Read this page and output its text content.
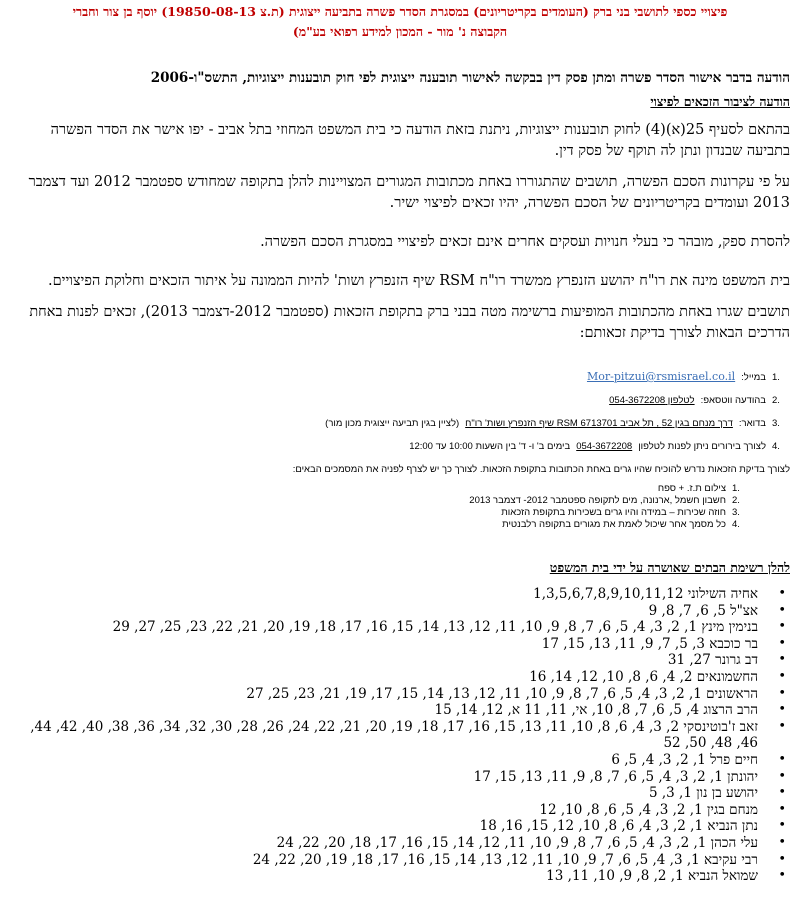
פיצויי כספי לתושבי בני ברק (העומדים בקריטריונים) במסגרת הסדר פשרה בתביעה ייצוגית (ת.צ 19850-08-13) יוסף בן צור וחברי
הקבוצה נ' מור - המכון למידע רפואי בע"מ)
הודעה בדבר אישור הסדר פשרה ומתן פסק דין בבקשה לאישור תובענה ייצוגית לפי חוק תובענות ייצוגיות, התשס"ו-2006
הודעה לציבור הזכאים לפיצוי
בהתאם לסעיף 25(א)(4) לחוק תובענות ייצוגיות, ניתנת בזאת הודעה כי בית המשפט המחוזי בתל אביב - יפו אישר את הסדר הפשרה בתביעה שבנדון ונתן לה תוקף של פסק דין.
על פי עקרונות הסכם הפשרה, תושבים שהתגוררו באחת מכתובות המגורים המצויינות להלן בתקופה שמחודש ספטמבר 2012 ועד דצמבר 2013 ועומדים בקריטריונים של הסכם הפשרה, יהיו זכאים לפיצוי ישיר.
להסרת ספק, מובהר כי בעלי חנויות ועסקים אחרים אינם זכאים לפיצויי במסגרת הסכם הפשרה.
בית המשפט מינה את רו"ח יהושע הזנפרץ ממשרד רו"ח RSM שיף הזנפרץ ושות' להיות הממונה על איתור הזכאים וחלוקת הפיצויים.
תושבים שגרו באחת מהכתובות המופיעות ברשימה מטה בבני ברק בתקופת הזכאות (ספטמבר 2012-דצמבר 2013), זכאים לפנות באחת הדרכים הבאות לצורך בדיקת זכאותם:
1.
במייל:
Mor-pitzui@rsmisrael.co.il
2.
בהודעה ווטסאפ:
לטלפון 054-3672208
3.
בדואר:
דרך מנחם בגין 52 , תל אביב 6713701 RSM שיף הזנפרץ ושות' רו"ח
(לציין בגין תביעה ייצוגית מכון מור)
4.
לצורך בירורים ניתן לפנות לטלפון
054-3672208
בימים ב' ו- ד' בין השעות 10:00 עד 12:00
לצורך בדיקת הזכאות נדרש להוכיח שהיו גרים באחת הכתובות בתקופת הזכאות. לצורך כך יש לצרף לפניה את המסמכים הבאים:
1.
צילום ת.ז. + ספח
2.
חשבון חשמל ,ארנונה, מים לתקופה ספטמבר 2012- דצמבר 2013
3.
חוזה שכירות – במידה והיו גרים בשכירות בתקופת הזכאות
4.
כל מסמך אחר שיכול לאמת את מגורים בתקופה רלבנטית
להלן רשימת הבתים שאושרה על ידי בית המשפט
• אחיה השילוני 1,3,5,6,7,8,9,10,11,12
• אצ"ל 5, 6, 7, 8, 9
• בנימין מינץ 1, 2, 3, 4, 5, 6, 7, 8, 9, 10, 11, 12, 13, 14, 15, 16, 17, 18, 19, 20, 21, 22, 23, 25, 27, 29
• בר כוכבא 3, 5, 7, 9, 11, 13, 15, 17
• דב גרונר 27, 31
• החשמונאים 2, 4, 6, 8, 10, 12, 14, 16
• הראשונים 1, 2, 3, 4, 5, 6, 7, 8, 9, 10, 11, 12, 13, 14, 15, 17, 19, 21, 23, 25, 27
• הרב הרצוג 4, 5, 6, 7, 8, 10, אי, 11, 11 א, 12, 14, 15
• זאב ז'בוטינסקי 2, 3, 4, 6, 8, 10, 11, 13, 15, 16, 17, 18, 19, 20, 21, 22, 24, 26, 28, 30, 32, 34, 36, 38, 40, 42, 44, 46, 48, 50, 52
• חיים פרל 1, 2, 3, 4, 5, 6
• יהונתן 1, 2, 3, 4, 5, 6, 7, 8, 9, 11, 13, 15, 17
• יהושע בן נון 1, 3, 5
• מנחם בגין 1, 2, 3, 4, 5, 6, 8, 10, 12
• נתן הנביא 1, 2, 3, 4, 6, 8, 10, 12, 15, 16, 18
• עלי הכהן 1, 2, 3, 4, 5, 6, 7, 8, 9, 10, 11, 12, 14, 15, 16, 17, 18, 20, 22, 24
• רבי עקיבא 1, 3, 4, 5, 6, 7, 9, 10, 11, 12, 13, 14, 15, 16, 17, 18, 19, 20, 22, 24
• שמואל הנביא 1, 2, 8, 9, 10, 11, 13
